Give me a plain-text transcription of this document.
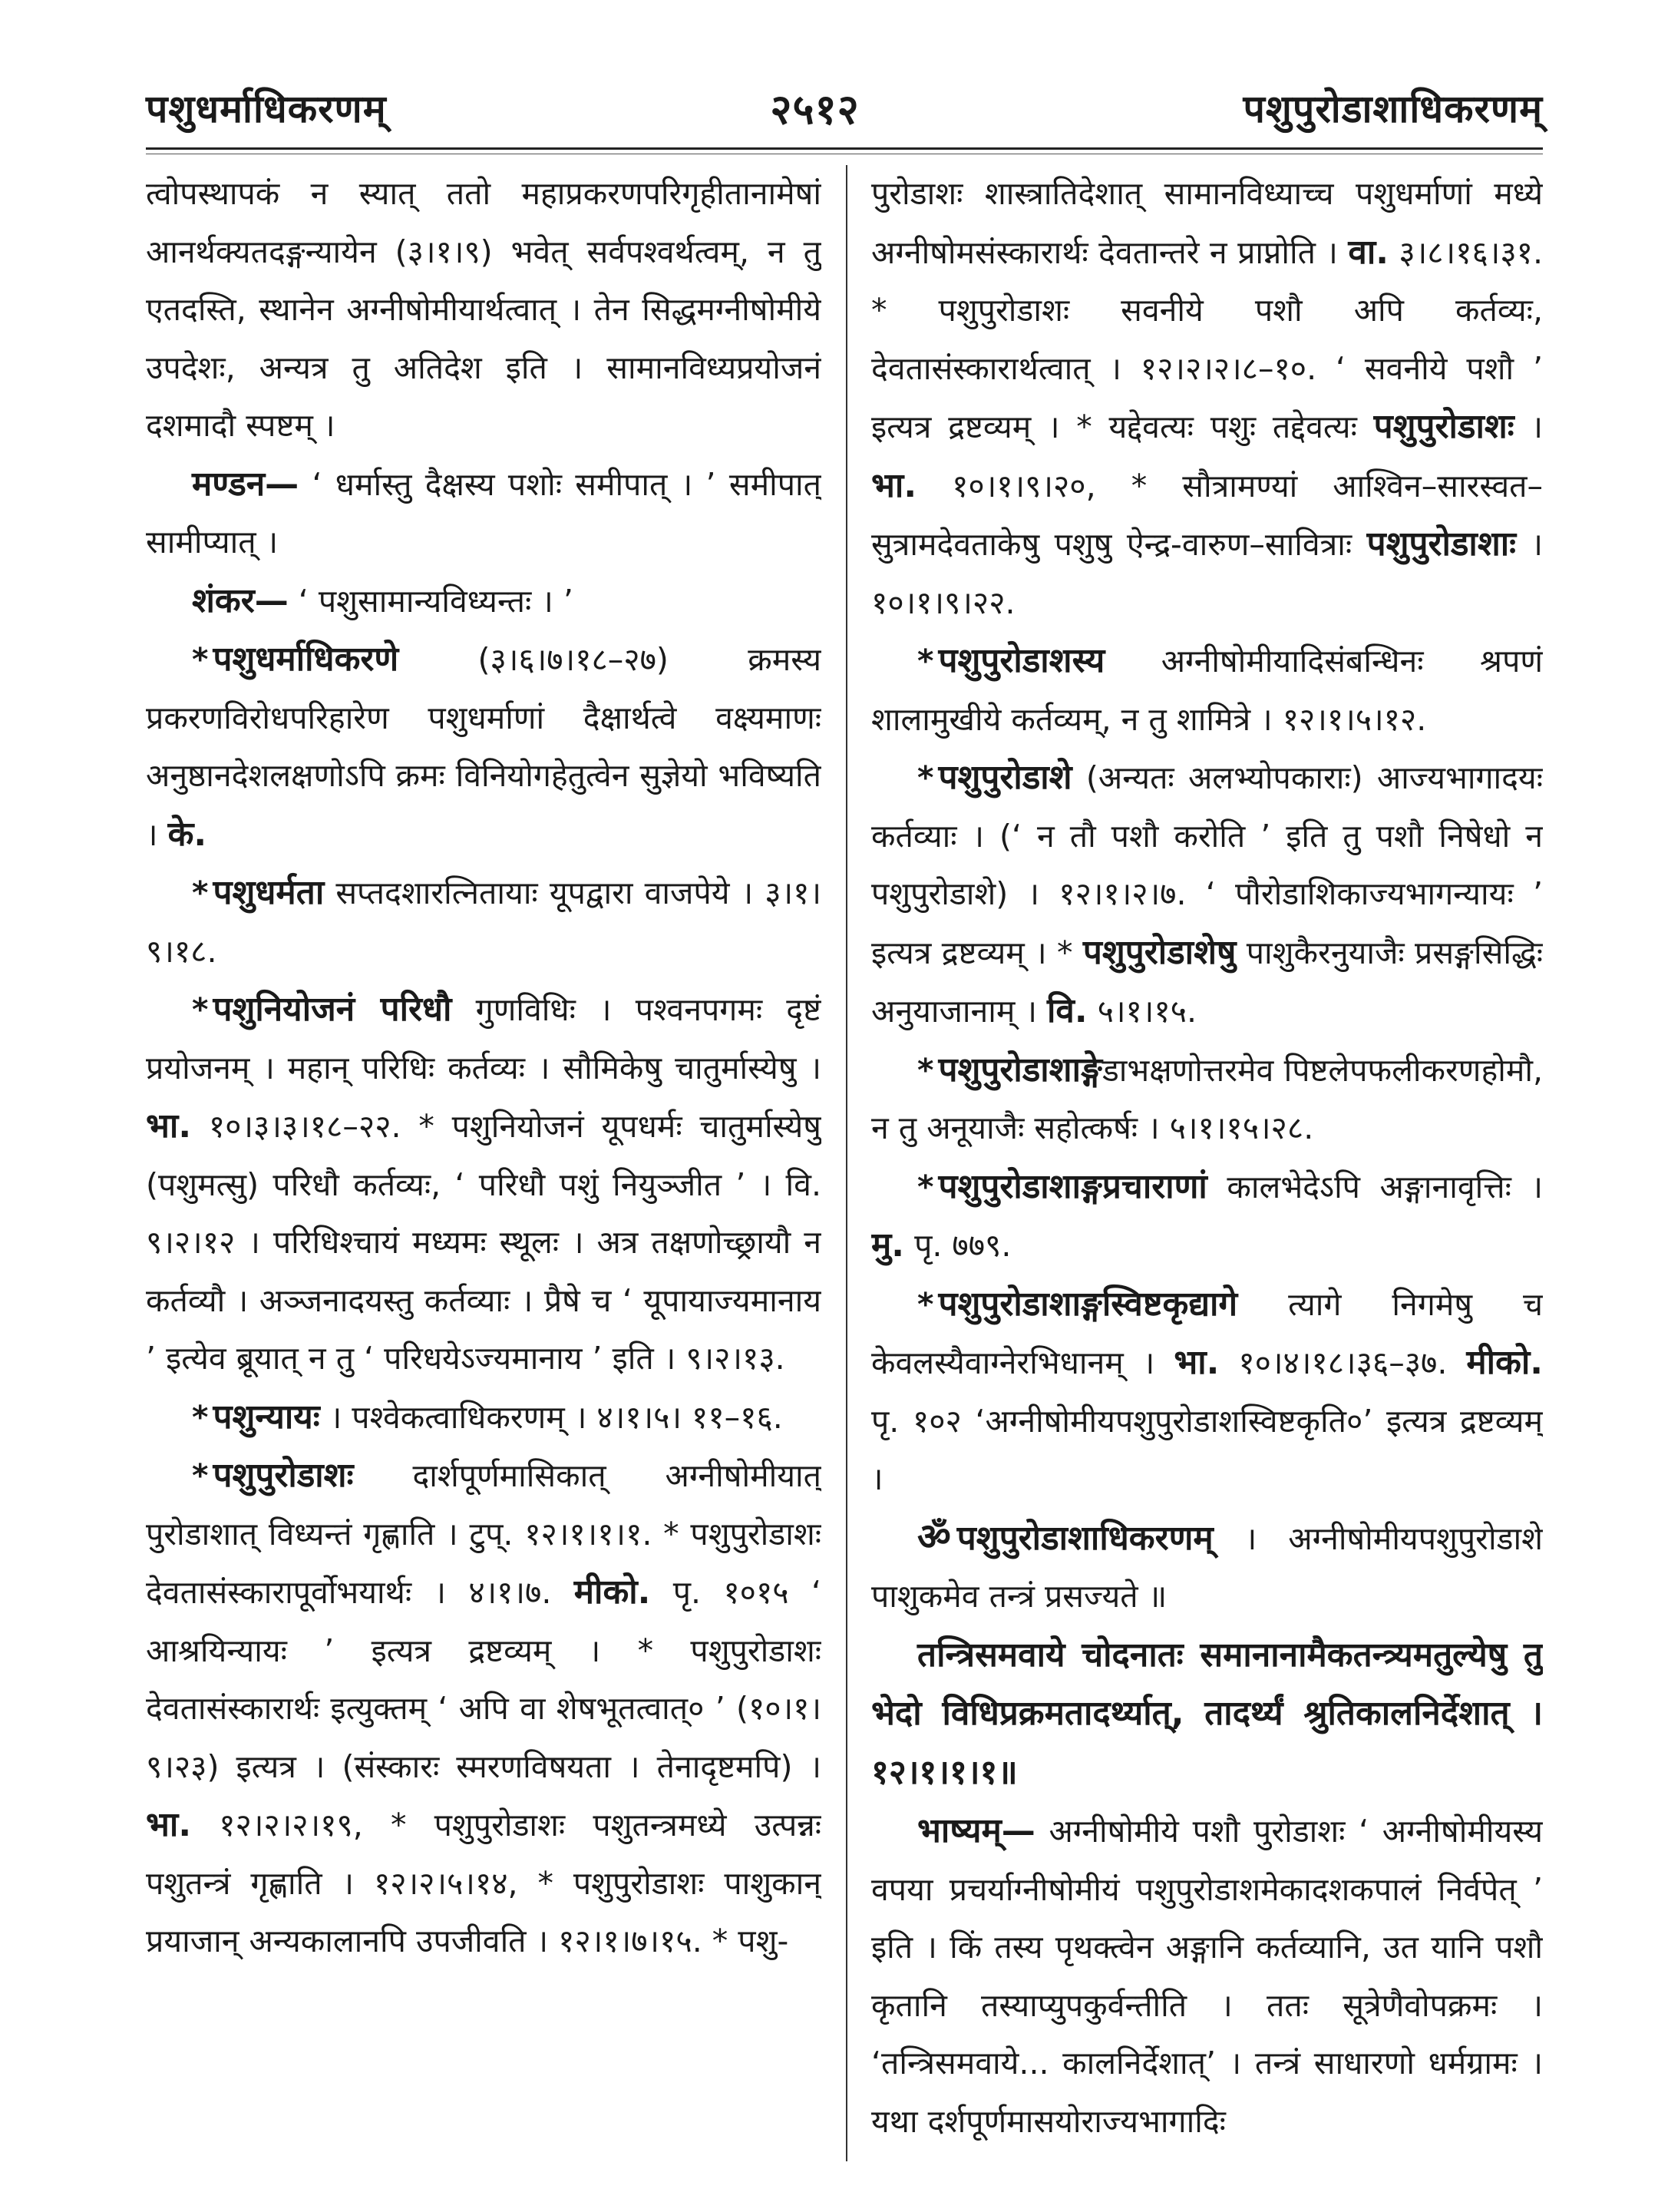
पशुधर्माधिकरणम्	२५१२	पशुपुरोडाशाधिकरणम्

त्वोपस्थापकं न स्यात् ततो महाप्रकरणपरिगृहीतानामेषां आनर्थक्यतदङ्गन्यायेन (३।१।९) भवेत् सर्वपश्वर्थत्वम्, न तु एतदस्ति, स्थानेन अग्नीषोमीयार्थत्वात् । तेन सिद्धमग्नीषोमीये उपदेशः, अन्यत्र तु अतिदेश इति । सामानविध्यप्रयोजनं दशमादौ स्पष्टम् ।

मण्डन— ‘ धर्मास्तु दैक्षस्य पशोः समीपात् । ’ समीपात् सामीप्यात् ।

शंकर— ‘ पशुसामान्यविध्यन्तः । ’

* पशुधर्माधिकरणे (३।६।७।१८–२७) क्रमस्य प्रकरणविरोधपरिहारेण पशुधर्माणां दैक्षार्थत्वे वक्ष्यमाणः अनुष्ठानदेशलक्षणोऽपि क्रमः विनियोगहेतुत्वेन सुज्ञेयो भविष्यति । के.

* पशुधर्मता सप्तदशारत्नितायाः यूपद्वारा वाजपेये । ३।१।९।१८.

* पशुनियोजनं परिधौ गुणविधिः । पश्वनपगमः दृष्टं प्रयोजनम् । महान् परिधिः कर्तव्यः । सौमिकेषु चातुर्मास्येषु । भा. १०।३।३।१८–२२. * पशुनियोजनं यूपधर्मः चातुर्मास्येषु (पशुमत्सु) परिधौ कर्तव्यः, ‘ परिधौ पशुं नियुञ्जीत ’ । वि. ९।२।१२ । परिधिश्चायं मध्यमः स्थूलः । अत्र तक्षणोच्छ्रायौ न कर्तव्यौ । अञ्जनादयस्तु कर्तव्याः । प्रैषे च ‘ यूपायाज्यमानाय ’ इत्येव ब्रूयात् न तु ‘ परिधयेऽज्यमानाय ’ इति । ९।२।१३.

* पशुन्यायः । पश्वेकत्वाधिकरणम् । ४।१।५। ११–१६.

* पशुपुरोडाशः दार्शपूर्णमासिकात् अग्नीषोमीयात् पुरोडाशात् विध्यन्तं गृह्णाति । टुप्. १२।१।१।१. * पशुपुरोडाशः देवतासंस्कारापूर्वोभयार्थः । ४।१।७. मीको. पृ. १०१५ ‘ आश्रयिन्यायः ’ इत्यत्र द्रष्टव्यम् । * पशुपुरोडाशः देवतासंस्कारार्थः इत्युक्तम् ‘ अपि वा शेषभूतत्वात्० ’ (१०।१।९।२३) इत्यत्र । (संस्कारः स्मरणविषयता । तेनादृष्टमपि) । भा. १२।२।२।१९, * पशुपुरोडाशः पशुतन्त्रमध्ये उत्पन्नः पशुतन्त्रं गृह्णाति । १२।२।५।१४, * पशुपुरोडाशः पाशुकान् प्रयाजान् अन्यकालानपि उपजीवति । १२।१।७।१५. * पशु-

पुरोडाशः शास्त्रातिदेशात् सामानविध्याच्च पशुधर्माणां मध्ये अग्नीषोमसंस्कारार्थः देवतान्तरे न प्राप्नोति । वा. ३।८।१६।३१. * पशुपुरोडाशः सवनीये पशौ अपि कर्तव्यः, देवतासंस्कारार्थत्वात् । १२।२।२।८–१०. ‘ सवनीये पशौ ’ इत्यत्र द्रष्टव्यम् । * यद्देवत्यः पशुः तद्देवत्यः पशुपुरोडाशः । भा. १०।१।९।२०, * सौत्रामण्यां आश्विन–सारस्वत–सुत्रामदेवताकेषु पशुषु ऐन्द्र-वारुण–सावित्राः पशुपुरोडाशाः । १०।१।९।२२.

* पशुपुरोडाशस्य अग्नीषोमीयादिसंबन्धिनः श्रपणं शालामुखीये कर्तव्यम्, न तु शामित्रे । १२।१।५।१२.

* पशुपुरोडाशे (अन्यतः अलभ्योपकाराः) आज्यभागादयः कर्तव्याः । (‘ न तौ पशौ करोति ’ इति तु पशौ निषेधो न पशुपुरोडाशे) । १२।१।२।७. ‘ पौरोडाशिकाज्यभागन्यायः ’ इत्यत्र द्रष्टव्यम् । * पशुपुरोडाशेषु पाशुकैरनुयाजैः प्रसङ्गसिद्धिः अनुयाजानाम् । वि. ५।१।१५.

* पशुपुरोडाशाङ्गेडाभक्षणोत्तरमेव पिष्टलेपफलीकरणहोमौ, न तु अनूयाजैः सहोत्कर्षः । ५।१।१५।२८.

* पशुपुरोडाशाङ्गप्रचाराणां कालभेदेऽपि अङ्गानावृत्तिः । मु. पृ. ७७९.

* पशुपुरोडाशाङ्गस्विष्टकृद्यागे त्यागे निगमेषु च केवलस्यैवाग्नेरभिधानम् । भा. १०।४।१८।३६–३७. मीको. पृ. १०२ ‘अग्नीषोमीयपशुपुरोडाशस्विष्टकृति०’ इत्यत्र द्रष्टव्यम् ।

ॐ पशुपुरोडाशाधिकरणम् । अग्नीषोमीयपशुपुरोडाशे पाशुकमेव तन्त्रं प्रसज्यते ॥

तन्त्रिसमवाये चोदनातः समानानामैकतन्त्र्यमतुल्येषु तु भेदो विधिप्रक्रमतादर्थ्यात्, तादर्थ्यं श्रुतिकालनिर्देशात् । १२।१।१।१॥

भाष्यम्— अग्नीषोमीये पशौ पुरोडाशः ‘ अग्नीषोमीयस्य वपया प्रचर्याग्नीषोमीयं पशुपुरोडाशमेकादशकपालं निर्वपेत् ’ इति । किं तस्य पृथक्त्वेन अङ्गानि कर्तव्यानि, उत यानि पशौ कृतानि तस्याप्युपकुर्वन्तीति । ततः सूत्रेणैवोपक्रमः । ‘तन्त्रिसमवाये... कालनिर्देशात्’ । तन्त्रं साधारणो धर्मग्रामः । यथा दर्शपूर्णमासयोराज्यभागादिः
